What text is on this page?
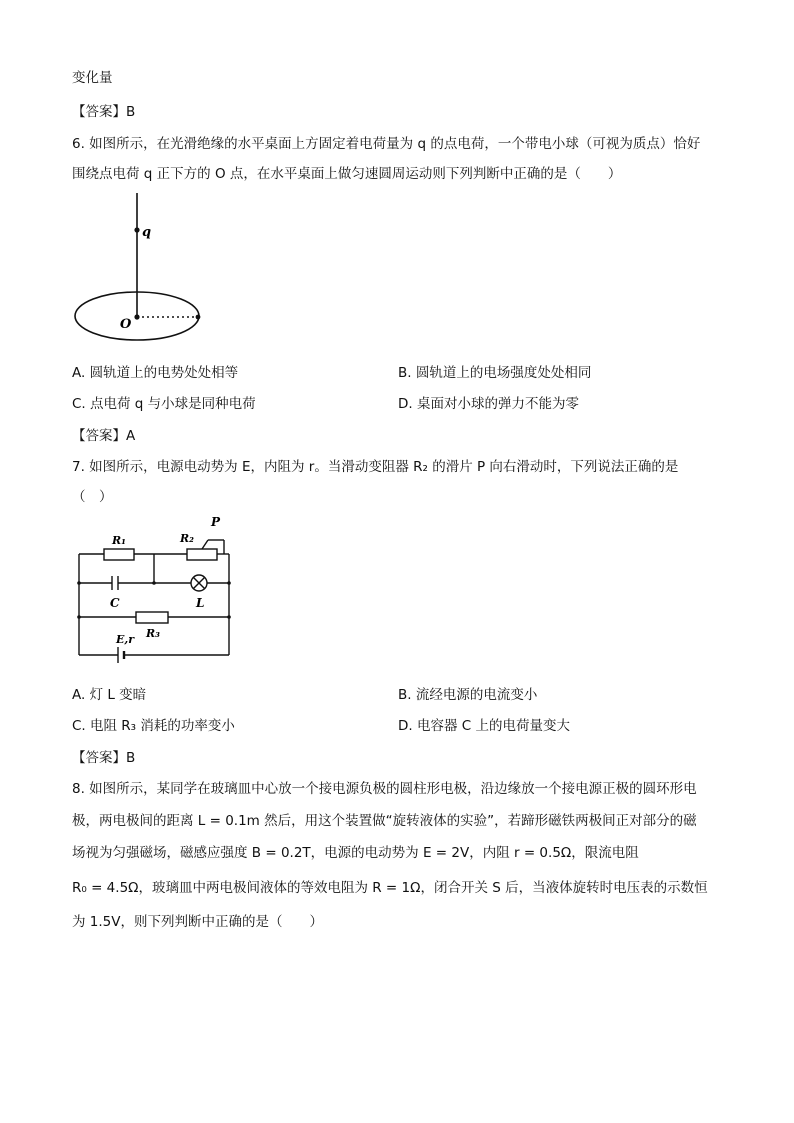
变化量
【答案】B
6. 如图所示，在光滑绝缘的水平桌面上方固定着电荷量为 q 的点电荷，一个带电小球（可视为质点）恰好
围绕点电荷 q 正下方的 O 点，在水平桌面上做匀速圆周运动则下列判断中正确的是（　　）
q
O
A. 圆轨道上的电势处处相等	B. 圆轨道上的电场强度处处相同
C. 点电荷 q 与小球是同种电荷	D. 桌面对小球的弹力不能为零
【答案】A
7. 如图所示，电源电动势为 E，内阻为 r。当滑动变阻器 R₂ 的滑片 P 向右滑动时，下列说法正确的是
（　）
R₁	R₂
P
C	L
R₃
E,r
A. 灯 L 变暗	B. 流经电源的电流变小
C. 电阻 R₃ 消耗的功率变小	D. 电容器 C 上的电荷量变大
【答案】B
8. 如图所示，某同学在玻璃皿中心放一个接电源负极的圆柱形电极，沿边缘放一个接电源正极的圆环形电
极，两电极间的距离 L = 0.1m 然后，用这个装置做“旋转液体的实验”，若蹄形磁铁两极间正对部分的磁
场视为匀强磁场，磁感应强度 B = 0.2T，电源的电动势为 E = 2V，内阻 r = 0.5Ω，限流电阻
R₀ = 4.5Ω，玻璃皿中两电极间液体的等效电阻为 R = 1Ω，闭合开关 S 后，当液体旋转时电压表的示数恒
为 1.5V，则下列判断中正确的是（　　）
